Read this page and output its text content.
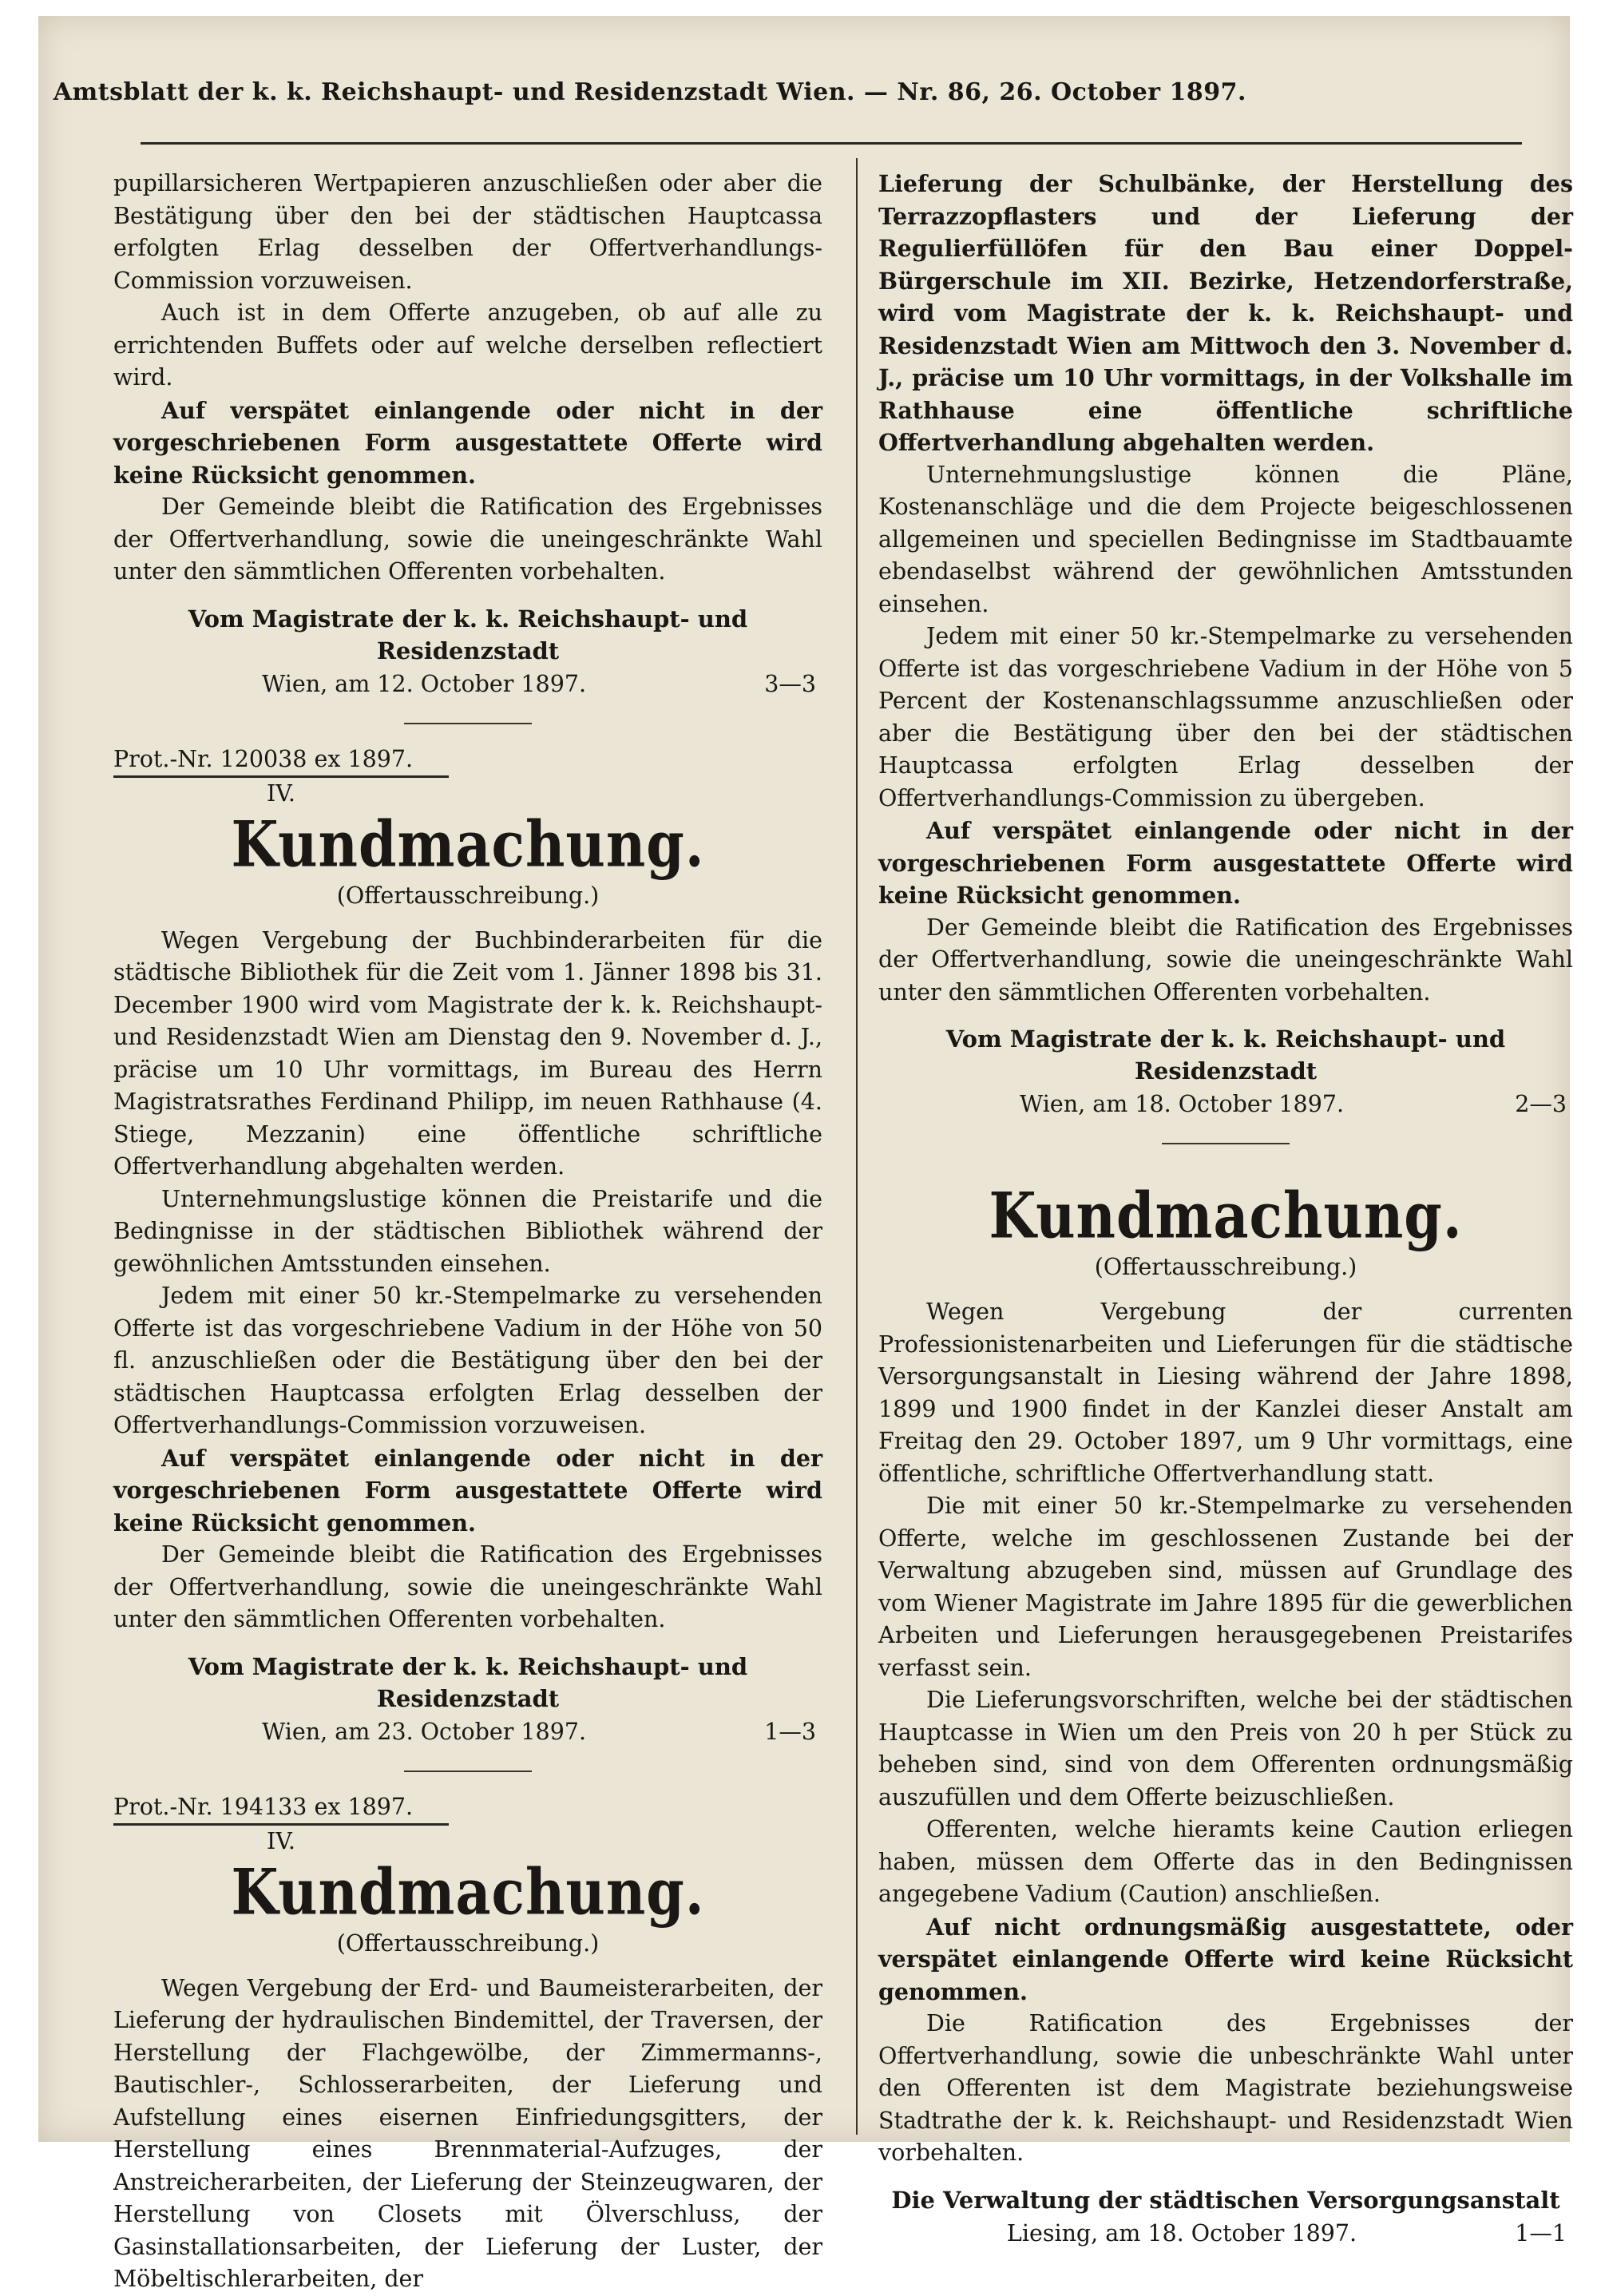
Amtsblatt der k. k. Reichshaupt- und Residenzstadt Wien. — Nr. 86, 26. October 1897.

pupillarsicheren Wertpapieren anzuschließen oder aber die Bestätigung über den bei der städtischen Hauptcassa erfolgten Erlag desselben der Offertverhandlungs-Commission vorzuweisen.

Auch ist in dem Offerte anzugeben, ob auf alle zu errichtenden Buffets oder auf welche derselben reflectiert wird.

Auf verspätet einlangende oder nicht in der vorgeschriebenen Form ausgestattete Offerte wird keine Rücksicht genommen.

Der Gemeinde bleibt die Ratification des Ergebnisses der Offertverhandlung, sowie die uneingeschränkte Wahl unter den sämmtlichen Offerenten vorbehalten.

Vom Magistrate der k. k. Reichshaupt- und Residenzstadt
Wien, am 12. October 1897.	3—3
Prot.-Nr. 120038 ex 1897.
IV.
Kundmachung.
(Offertausschreibung.)

Wegen Vergebung der Buchbinderarbeiten für die städtische Bibliothek für die Zeit vom 1. Jänner 1898 bis 31. December 1900 wird vom Magistrate der k. k. Reichshaupt- und Residenzstadt Wien am Dienstag den 9. November d. J., präcise um 10 Uhr vormittags, im Bureau des Herrn Magistratsrathes Ferdinand Philipp, im neuen Rathhause (4. Stiege, Mezzanin) eine öffentliche schriftliche Offertverhandlung abgehalten werden.

Unternehmungslustige können die Preistarife und die Bedingnisse in der städtischen Bibliothek während der gewöhnlichen Amtsstunden einsehen.

Jedem mit einer 50 kr.-Stempelmarke zu versehenden Offerte ist das vorgeschriebene Vadium in der Höhe von 50 fl. anzuschließen oder die Bestätigung über den bei der städtischen Hauptcassa erfolgten Erlag desselben der Offertverhandlungs-Commission vorzuweisen.

Auf verspätet einlangende oder nicht in der vorgeschriebenen Form ausgestattete Offerte wird keine Rücksicht genommen.

Der Gemeinde bleibt die Ratification des Ergebnisses der Offertverhandlung, sowie die uneingeschränkte Wahl unter den sämmtlichen Offerenten vorbehalten.

Vom Magistrate der k. k. Reichshaupt- und Residenzstadt
Wien, am 23. October 1897.	1—3
Prot.-Nr. 194133 ex 1897.
IV.
Kundmachung.
(Offertausschreibung.)

Wegen Vergebung der Erd- und Baumeisterarbeiten, der Lieferung der hydraulischen Bindemittel, der Traversen, der Herstellung der Flachgewölbe, der Zimmermanns-, Bautischler-, Schlosserarbeiten, der Lieferung und Aufstellung eines eisernen Einfriedungsgitters, der Herstellung eines Brennmaterial-Aufzuges, der Anstreicherarbeiten, der Lieferung der Steinzeugwaren, der Herstellung von Closets mit Ölverschluss, der Gasinstallationsarbeiten, der Lieferung der Luster, der Möbeltischlerarbeiten, der

Lieferung der Schulbänke, der Herstellung des Terrazzopflasters und der Lieferung der Regulierfüllöfen für den Bau einer Doppel-Bürgerschule im XII. Bezirke, Hetzendorferstraße, wird vom Magistrate der k. k. Reichshaupt- und Residenzstadt Wien am Mittwoch den 3. November d. J., präcise um 10 Uhr vormittags, in der Volkshalle im Rathhause eine öffentliche schriftliche Offertverhandlung abgehalten werden.

Unternehmungslustige können die Pläne, Kostenanschläge und die dem Projecte beigeschlossenen allgemeinen und speciellen Bedingnisse im Stadtbauamte ebendaselbst während der gewöhnlichen Amtsstunden einsehen.

Jedem mit einer 50 kr.-Stempelmarke zu versehenden Offerte ist das vorgeschriebene Vadium in der Höhe von 5 Percent der Kostenanschlagssumme anzuschließen oder aber die Bestätigung über den bei der städtischen Hauptcassa erfolgten Erlag desselben der Offertverhandlungs-Commission zu übergeben.

Auf verspätet einlangende oder nicht in der vorgeschriebenen Form ausgestattete Offerte wird keine Rücksicht genommen.

Der Gemeinde bleibt die Ratification des Ergebnisses der Offertverhandlung, sowie die uneingeschränkte Wahl unter den sämmtlichen Offerenten vorbehalten.

Vom Magistrate der k. k. Reichshaupt- und Residenzstadt
Wien, am 18. October 1897.	2—3
Kundmachung.
(Offertausschreibung.)

Wegen Vergebung der currenten Professionistenarbeiten und Lieferungen für die städtische Versorgungsanstalt in Liesing während der Jahre 1898, 1899 und 1900 findet in der Kanzlei dieser Anstalt am Freitag den 29. October 1897, um 9 Uhr vormittags, eine öffentliche, schriftliche Offertverhandlung statt.

Die mit einer 50 kr.-Stempelmarke zu versehenden Offerte, welche im geschlossenen Zustande bei der Verwaltung abzugeben sind, müssen auf Grundlage des vom Wiener Magistrate im Jahre 1895 für die gewerblichen Arbeiten und Lieferungen herausgegebenen Preistarifes verfasst sein.

Die Lieferungsvorschriften, welche bei der städtischen Hauptcasse in Wien um den Preis von 20 h per Stück zu beheben sind, sind von dem Offerenten ordnungsmäßig auszufüllen und dem Offerte beizuschließen.

Offerenten, welche hieramts keine Caution erliegen haben, müssen dem Offerte das in den Bedingnissen angegebene Vadium (Caution) anschließen.

Auf nicht ordnungsmäßig ausgestattete, oder verspätet einlangende Offerte wird keine Rücksicht genommen.

Die Ratification des Ergebnisses der Offertverhandlung, sowie die unbeschränkte Wahl unter den Offerenten ist dem Magistrate beziehungsweise Stadtrathe der k. k. Reichshaupt- und Residenzstadt Wien vorbehalten.

Die Verwaltung der städtischen Versorgungsanstalt
Liesing, am 18. October 1897.	1—1
